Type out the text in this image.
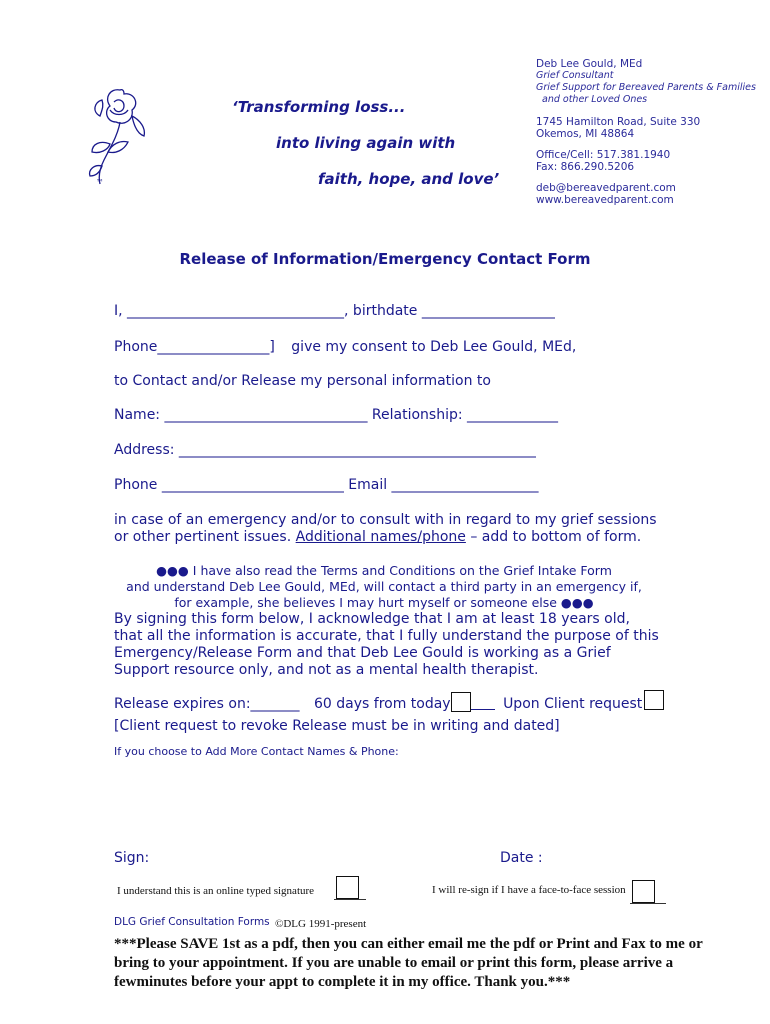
™
‘Transforming loss...
into living again with
faith, hope, and love’
Deb Lee Gould, MEd
Grief Consultant
Grief Support for Bereaved Parents & Families
and other Loved Ones
1745 Hamilton Road, Suite 330
Okemos, MI 48864
Office/Cell: 517.381.1940
Fax: 866.290.5206
deb@bereavedparent.com
www.bereavedparent.com
Release of Information/Emergency Contact Form
I, _______________________________, birthdate ___________________
Phone________________] give my consent to Deb Lee Gould, MEd,
to Contact and/or Release my personal information to
Name: _____________________________ Relationship: _____________
Address: ___________________________________________________
Phone __________________________ Email _____________________
in case of an emergency and/or to consult with in regard to my grief sessions
or other pertinent issues. Additional names/phone – add to bottom of form.
●●● I have also read the Terms and Conditions on the Grief Intake Form
and understand Deb Lee Gould, MEd, will contact a third party in an emergency if,
for example, she believes I may hurt myself or someone else ●●●
By signing this form below, I acknowledge that I am at least 18 years old,
that all the information is accurate, that I fully understand the purpose of this
Emergency/Release Form and that Deb Lee Gould is working as a Grief
Support resource only, and not as a mental health therapist.
Release expires on:_______ 60 days from today	Upon Client request
[Client request to revoke Release must be in writing and dated]
If you choose to Add More Contact Names & Phone:
Sign:	Date :
I understand this is an online typed signature	I will re-sign if I have a face-to-face session
DLG Grief Consultation Forms ©DLG 1991-present
***Please SAVE 1st as a pdf, then you can either email me the pdf or Print and Fax to me or
bring to your appointment. If you are unable to email or print this form, please arrive a
fewminutes before your appt to complete it in my office. Thank you.***
